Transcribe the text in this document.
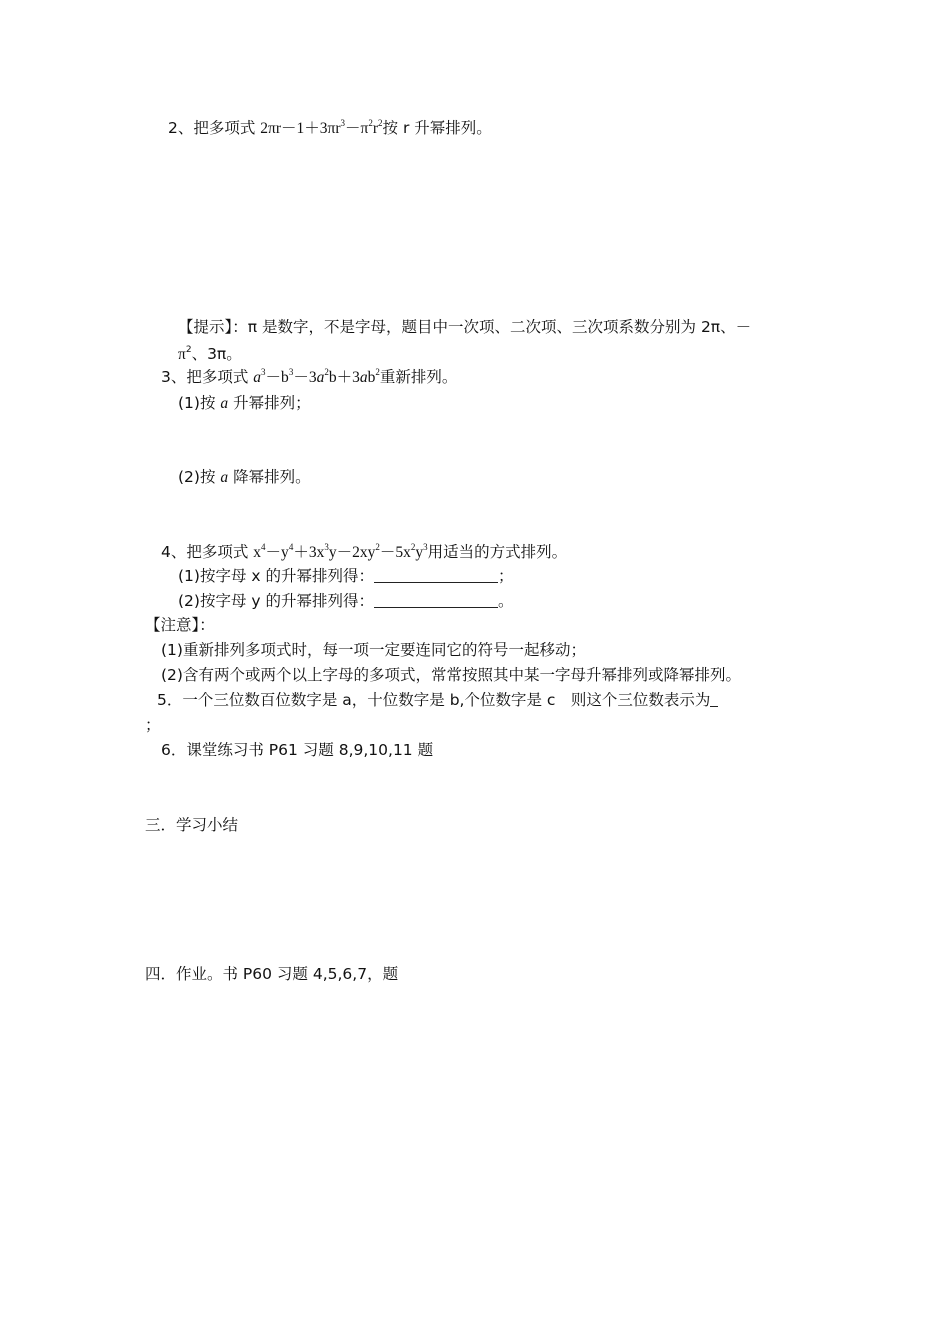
2、把多项式 $2\pi r-1+3\pi r^3-\pi^2r^2$按 r 升幂排列。
【提示】：π 是数字，不是字母，题目中一次项、二次项、三次项系数分别为 2π、－
$\pi^2$、3π。
3、把多项式 $a^3-b^3-3a^2b+3ab^2$重新排列。
(1)按 a 升幂排列；
(2)按 a 降幂排列。
4、把多项式 $x^4-y^4+3x^3y-2xy^2-5x^2y^3$用适当的方式排列。
(1)按字母 x 的升幂排列得：	；
(2)按字母 y 的升幂排列得：	。
【注意】：
(1)重新排列多项式时，每一项一定要连同它的符号一起移动；
(2)含有两个或两个以上字母的多项式，常常按照其中某一字母升幂排列或降幂排列。
5．一个三位数百位数字是 a，十位数字是 b,个位数字是 c　则这个三位数表示为
；
6．课堂练习书 P61 习题 8,9,10,11 题
三．学习小结
四．作业。书 P60 习题 4,5,6,7，题
